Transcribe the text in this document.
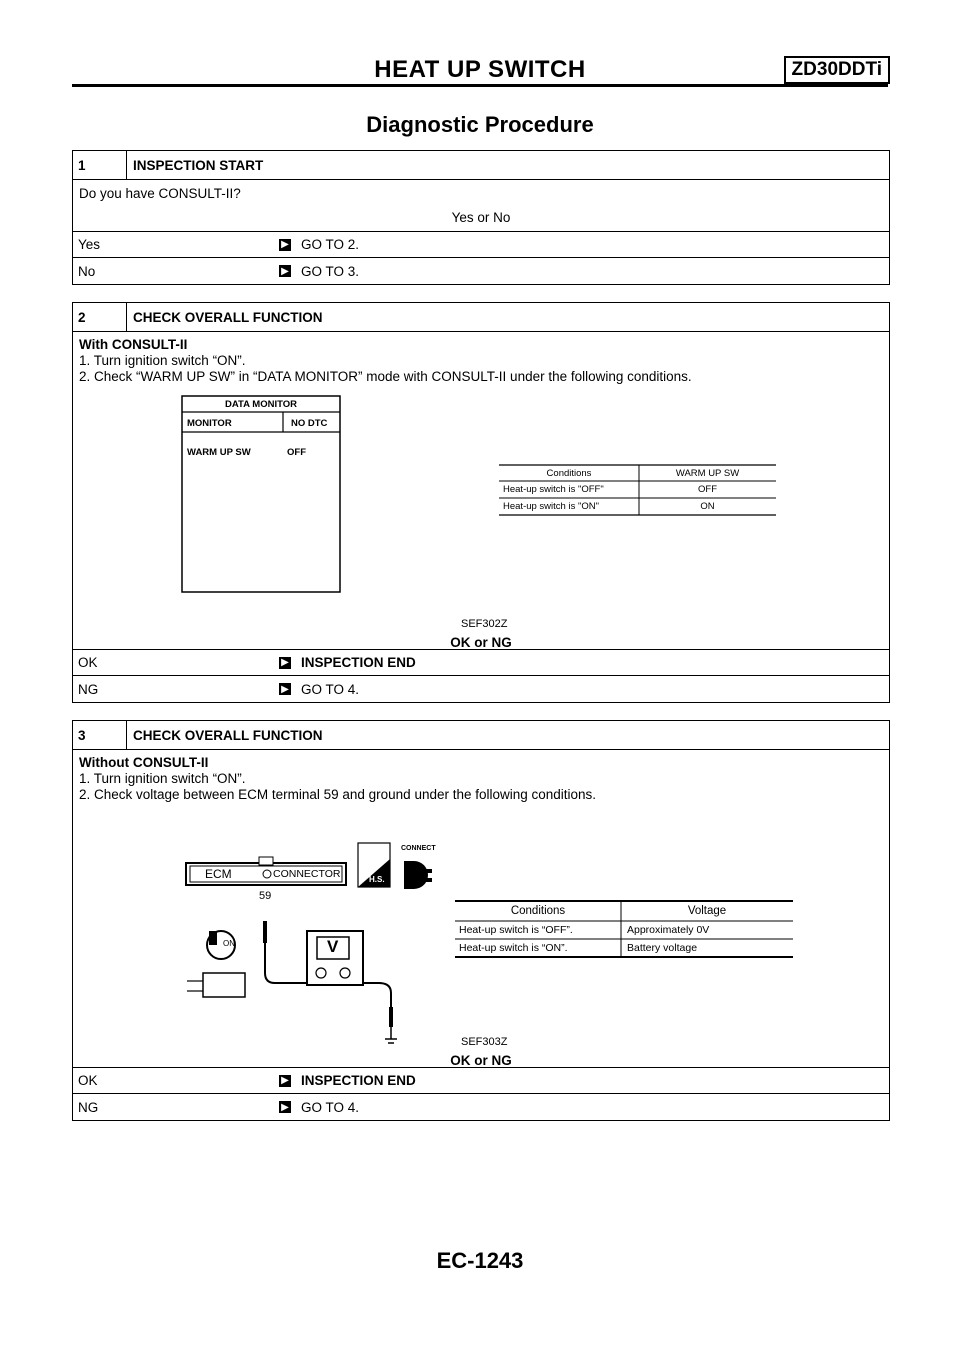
HEAT UP SWITCH	ZD30DDTi
Diagnostic Procedure
1	INSPECTION START
Do you have CONSULT-II?
Yes or No
Yes	▶ GO TO 2.
No	▶ GO TO 3.
2	CHECK OVERALL FUNCTION
With CONSULT-II
1. Turn ignition switch “ON”.
2. Check “WARM UP SW” in “DATA MONITOR” mode with CONSULT-II under the following conditions.
DATA MONITOR
MONITOR	NO DTC
WARM UP SW	OFF
Conditions	WARM UP SW
Heat-up switch is "OFF"	OFF
Heat-up switch is "ON"	ON
SEF302Z
OK or NG
OK	▶ INSPECTION END
NG	▶ GO TO 4.
3	CHECK OVERALL FUNCTION
Without CONSULT-II
1. Turn ignition switch “ON”.
2. Check voltage between ECM terminal 59 and ground under the following conditions.
ECM	CONNECTOR
59
H.S.
CONNECT
V
ON
Conditions	Voltage
Heat-up switch is “OFF”.	Approximately 0V
Heat-up switch is “ON”.	Battery voltage
SEF303Z
OK or NG
OK	▶ INSPECTION END
NG	▶ GO TO 4.
EC-1243
